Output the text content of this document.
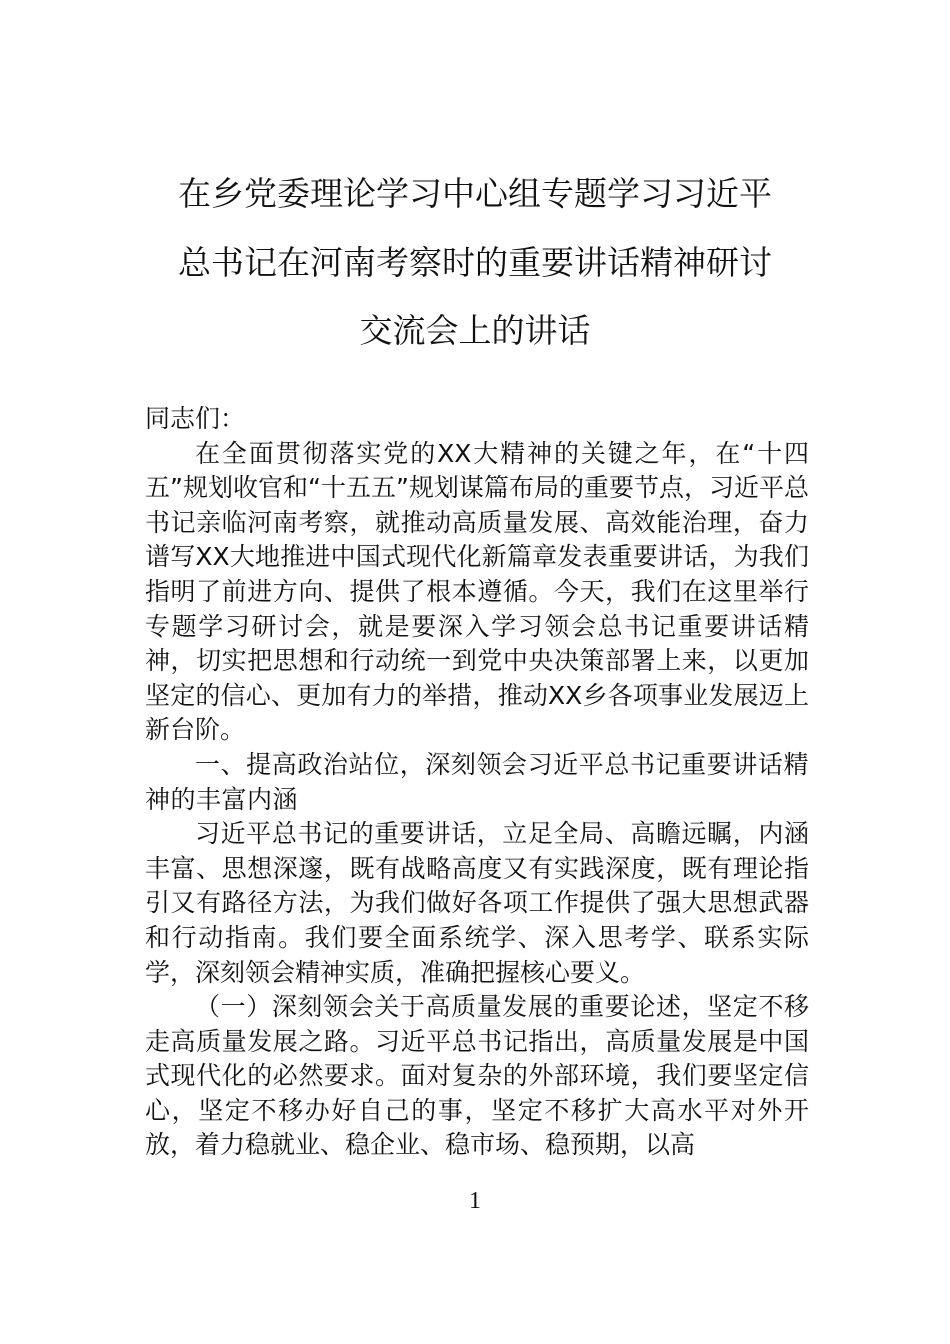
在乡党委理论学习中心组专题学习习近平
总书记在河南考察时的重要讲话精神研讨
交流会上的讲话

同志们：

在全面贯彻落实党的XX大精神的关键之年，在“十四五”规划收官和“十五五”规划谋篇布局的重要节点，习近平总书记亲临河南考察，就推动高质量发展、高效能治理，奋力谱写XX大地推进中国式现代化新篇章发表重要讲话，为我们指明了前进方向、提供了根本遵循。今天，我们在这里举行专题学习研讨会，就是要深入学习领会总书记重要讲话精神，切实把思想和行动统一到党中央决策部署上来，以更加坚定的信心、更加有力的举措，推动XX乡各项事业发展迈上新台阶。

一、提高政治站位，深刻领会习近平总书记重要讲话精神的丰富内涵

习近平总书记的重要讲话，立足全局、高瞻远瞩，内涵丰富、思想深邃，既有战略高度又有实践深度，既有理论指引又有路径方法，为我们做好各项工作提供了强大思想武器和行动指南。我们要全面系统学、深入思考学、联系实际学，深刻领会精神实质，准确把握核心要义。

（一）深刻领会关于高质量发展的重要论述，坚定不移走高质量发展之路。习近平总书记指出，高质量发展是中国式现代化的必然要求。面对复杂的外部环境，我们要坚定信心，坚定不移办好自己的事，坚定不移扩大高水平对外开放，着力稳就业、稳企业、稳市场、稳预期，以高

1
